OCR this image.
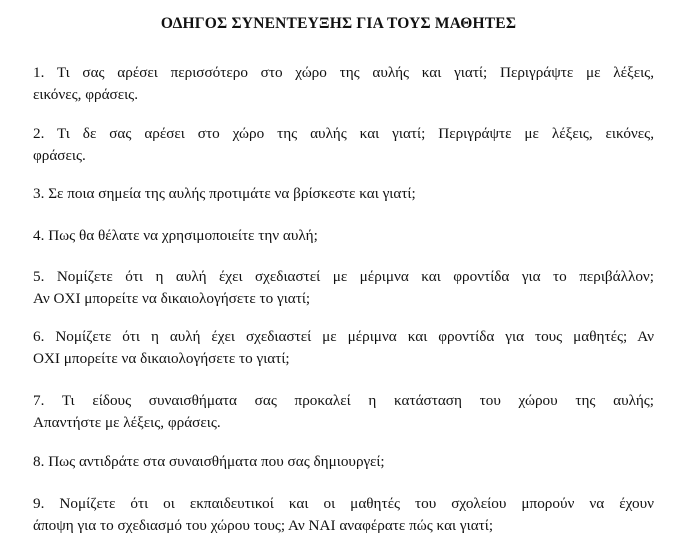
ΟΔΗΓΟΣ ΣΥΝΕΝΤΕΥΞΗΣ ΓΙΑ ΤΟΥΣ ΜΑΘΗΤΕΣ
1. Τι σας αρέσει περισσότερο στο χώρο της αυλής και γιατί; Περιγράψτε με λέξεις,
εικόνες, φράσεις.
2. Τι δε σας αρέσει στο χώρο της αυλής και γιατί; Περιγράψτε με λέξεις, εικόνες,
φράσεις.
3. Σε ποια σημεία της αυλής προτιμάτε να βρίσκεστε και γιατί;
4. Πως θα θέλατε να χρησιμοποιείτε την αυλή;
5. Νομίζετε ότι η αυλή έχει σχεδιαστεί με μέριμνα και φροντίδα για το περιβάλλον;
Αν ΟΧΙ μπορείτε να δικαιολογήσετε το γιατί;
6. Νομίζετε ότι η αυλή έχει σχεδιαστεί με μέριμνα και φροντίδα για τους μαθητές; Αν
ΟΧΙ μπορείτε να δικαιολογήσετε το γιατί;
7. Τι είδους συναισθήματα σας προκαλεί η κατάσταση του χώρου της αυλής;
Απαντήστε με λέξεις, φράσεις.
8. Πως αντιδράτε στα συναισθήματα που σας δημιουργεί;
9. Νομίζετε ότι οι εκπαιδευτικοί και οι μαθητές του σχολείου μπορούν να έχουν
άποψη για το σχεδιασμό του χώρου τους; Αν ΝΑΙ αναφέρατε πώς και γιατί;
